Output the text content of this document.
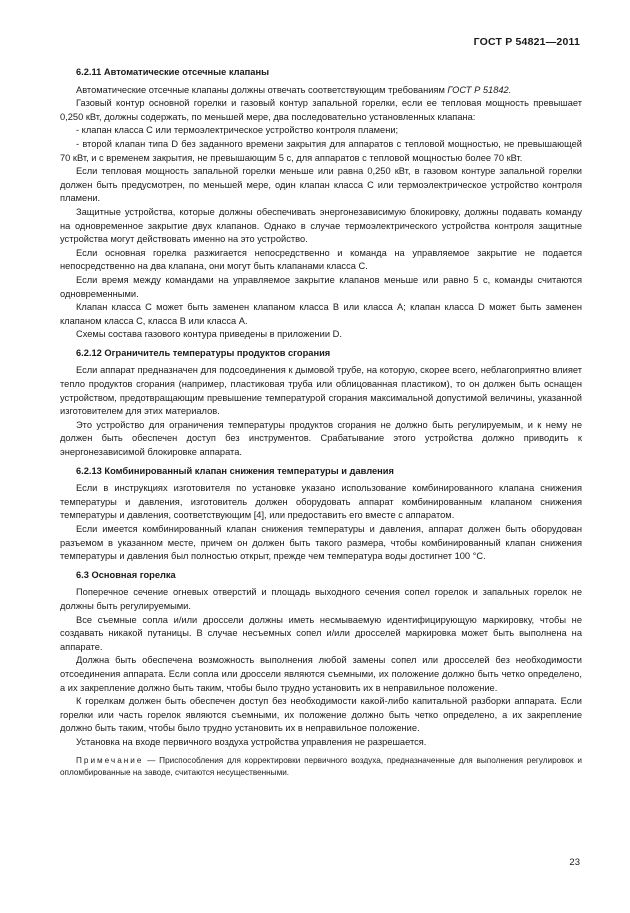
ГОСТ Р 54821—2011
6.2.11 Автоматические отсечные клапаны

Автоматические отсечные клапаны должны отвечать соответствующим требованиям ГОСТ Р 51842.

Газовый контур основной горелки и газовый контур запальной горелки, если ее тепловая мощность превышает 0,250 кВт, должны содержать, по меньшей мере, два последовательно установленных клапана:

- клапан класса С или термоэлектрическое устройство контроля пламени;

- второй клапан типа D без заданного времени закрытия для аппаратов с тепловой мощностью, не превышающей 70 кВт, и с временем закрытия, не превышающим 5 с, для аппаратов с тепловой мощностью более 70 кВт.

Если тепловая мощность запальной горелки меньше или равна 0,250 кВт, в газовом контуре запальной горелки должен быть предусмотрен, по меньшей мере, один клапан класса С или термоэлектрическое устройство контроля пламени.

Защитные устройства, которые должны обеспечивать энергонезависимую блокировку, должны подавать команду на одновременное закрытие двух клапанов. Однако в случае термоэлектрического устройства контроля защитные устройства могут действовать именно на это устройство.

Если основная горелка разжигается непосредственно и команда на управляемое закрытие не подается непосредственно на два клапана, они могут быть клапанами класса С.

Если время между командами на управляемое закрытие клапанов меньше или равно 5 с, команды считаются одновременными.

Клапан класса С может быть заменен клапаном класса В или класса А; клапан класса D может быть заменен клапаном класса С, класса В или класса А.

Схемы состава газового контура приведены в приложении D.

6.2.12 Ограничитель температуры продуктов сгорания

Если аппарат предназначен для подсоединения к дымовой трубе, на которую, скорее всего, неблагоприятно влияет тепло продуктов сгорания (например, пластиковая труба или облицованная пластиком), то он должен быть оснащен устройством, предотвращающим превышение температурой сгорания максимальной допустимой величины, указанной изготовителем для этих материалов.

Это устройство для ограничения температуры продуктов сгорания не должно быть регулируемым, и к нему не должен быть обеспечен доступ без инструментов. Срабатывание этого устройства должно приводить к энергонезависимой блокировке аппарата.

6.2.13 Комбинированный клапан снижения температуры и давления

Если в инструкциях изготовителя по установке указано использование комбинированного клапана снижения температуры и давления, изготовитель должен оборудовать аппарат комбинированным клапаном снижения температуры и давления, соответствующим [4], или предоставить его вместе с аппаратом.

Если имеется комбинированный клапан снижения температуры и давления, аппарат должен быть оборудован разъемом в указанном месте, причем он должен быть такого размера, чтобы комбинированный клапан снижения температуры и давления был полностью открыт, прежде чем температура воды достигнет 100 °С.

6.3 Основная горелка

Поперечное сечение огневых отверстий и площадь выходного сечения сопел горелок и запальных горелок не должны быть регулируемыми.

Все съемные сопла и/или дроссели должны иметь несмываемую идентифицирующую маркировку, чтобы не создавать никакой путаницы. В случае несъемных сопел и/или дросселей маркировка может быть выполнена на аппарате.

Должна быть обеспечена возможность выполнения любой замены сопел или дросселей без необходимости отсоединения аппарата. Если сопла или дроссели являются съемными, их положение должно быть четко определено, а их закрепление должно быть таким, чтобы было трудно установить их в неправильное положение.

К горелкам должен быть обеспечен доступ без необходимости какой-либо капитальной разборки аппарата. Если горелки или часть горелок являются съемными, их положение должно быть четко определено, а их закрепление должно быть таким, чтобы было трудно установить их в неправильное положение.

Установка на входе первичного воздуха устройства управления не разрешается.

Примечание — Приспособления для корректировки первичного воздуха, предназначенные для выполнения регулировок и опломбированные на заводе, считаются несущественными.

23
